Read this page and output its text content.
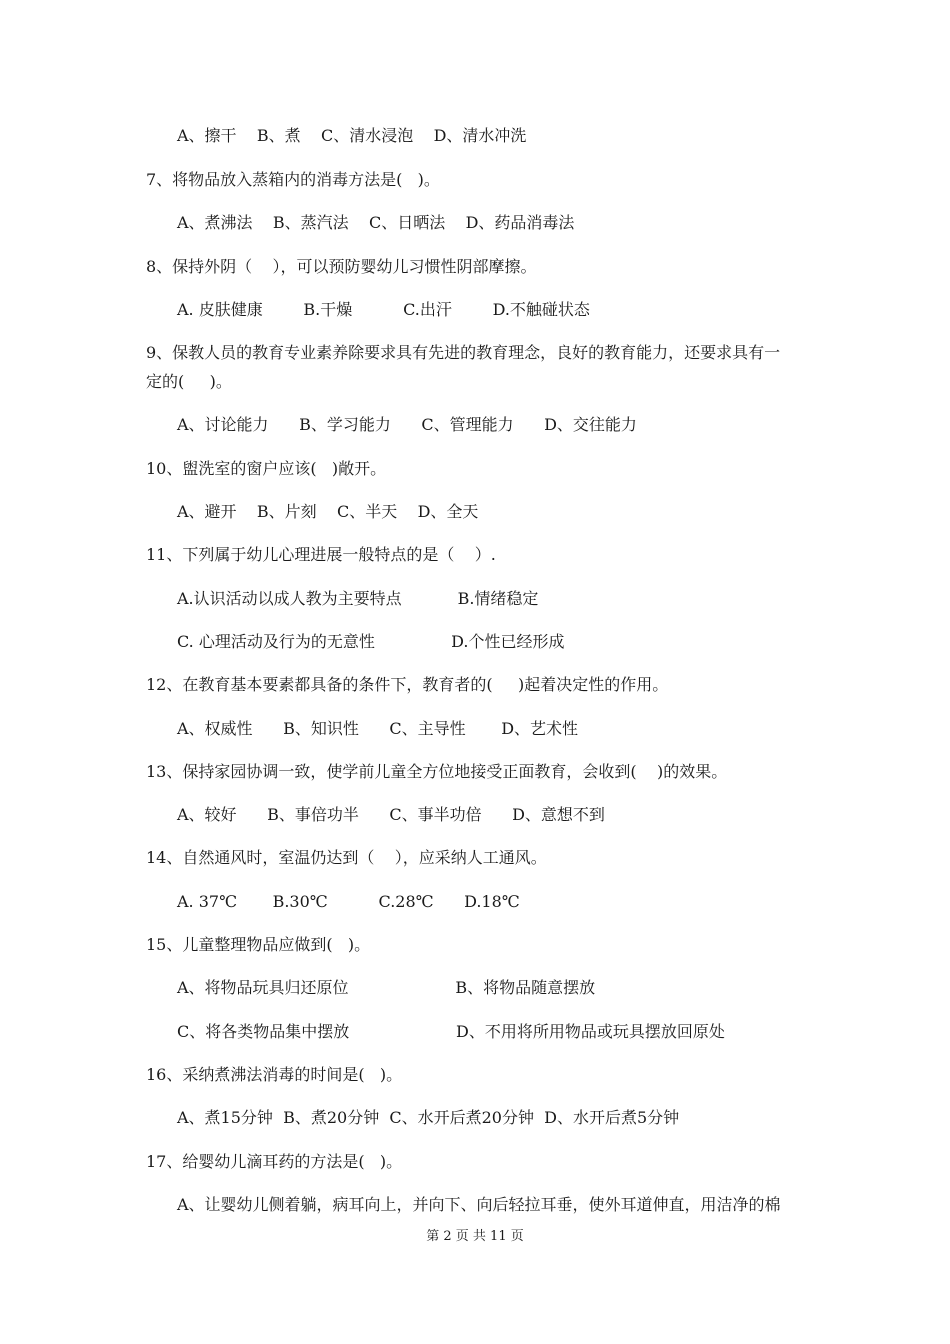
A、擦干    B、煮    C、清水浸泡    D、清水冲洗
7、将物品放入蒸箱内的消毒方法是(   )。
A、煮沸法    B、蒸汽法    C、日晒法    D、药品消毒法
8、保持外阴（    ），可以预防婴幼儿习惯性阴部摩擦。
A. 皮肤健康        B.干燥          C.出汗        D.不触碰状态
9、保教人员的教育专业素养除要求具有先进的教育理念，良好的教育能力，还要求具有一
定的(     )。
A、讨论能力      B、学习能力      C、管理能力      D、交往能力
10、盥洗室的窗户应该(   )敞开。
A、避开    B、片刻    C、半天    D、全天
11、下列属于幼儿心理进展一般特点的是（    ）.
A.认识活动以成人教为主要特点           B.情绪稳定
C. 心理活动及行为的无意性               D.个性已经形成
12、在教育基本要素都具备的条件下，教育者的(     )起着决定性的作用。
A、权威性      B、知识性      C、主导性       D、艺术性
13、保持家园协调一致，使学前儿童全方位地接受正面教育，会收到(    )的效果。
A、较好      B、事倍功半      C、事半功倍      D、意想不到
14、自然通风时，室温仍达到（    ），应采纳人工通风。
A. 37℃       B.30℃          C.28℃      D.18℃
15、儿童整理物品应做到(   )。
A、将物品玩具归还原位                     B、将物品随意摆放
C、将各类物品集中摆放                     D、不用将所用物品或玩具摆放回原处
16、采纳煮沸法消毒的时间是(   )。
A、煮15分钟  B、煮20分钟  C、水开后煮20分钟  D、水开后煮5分钟
17、给婴幼儿滴耳药的方法是(   )。
A、让婴幼儿侧着躺，病耳向上，并向下、向后轻拉耳垂，使外耳道伸直，用洁净的棉
第 2 页 共 11 页
